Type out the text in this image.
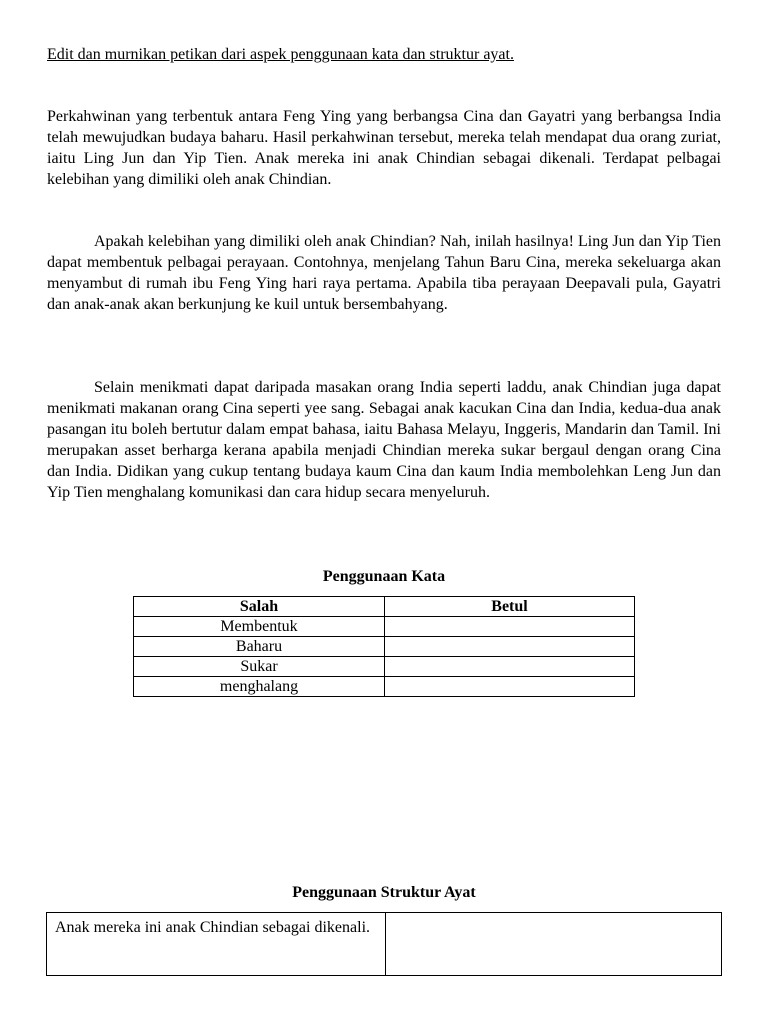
Edit dan murnikan petikan dari aspek penggunaan kata dan struktur ayat.

Perkahwinan yang terbentuk antara Feng Ying yang berbangsa Cina dan Gayatri yang berbangsa India telah mewujudkan budaya baharu. Hasil perkahwinan tersebut, mereka telah mendapat dua orang zuriat, iaitu Ling Jun dan Yip Tien. Anak mereka ini anak Chindian sebagai dikenali. Terdapat pelbagai kelebihan yang dimiliki oleh anak Chindian.

Apakah kelebihan yang dimiliki oleh anak Chindian? Nah, inilah hasilnya! Ling Jun dan Yip Tien dapat membentuk pelbagai perayaan. Contohnya, menjelang Tahun Baru Cina, mereka sekeluarga akan menyambut di rumah ibu Feng Ying hari raya pertama. Apabila tiba perayaan Deepavali pula, Gayatri dan anak-anak akan berkunjung ke kuil untuk bersembahyang.

Selain menikmati dapat daripada masakan orang India seperti laddu, anak Chindian juga dapat menikmati makanan orang Cina seperti yee sang. Sebagai anak kacukan Cina dan India, kedua-dua anak pasangan itu boleh bertutur dalam empat bahasa, iaitu Bahasa Melayu, Inggeris, Mandarin dan Tamil. Ini merupakan asset berharga kerana apabila menjadi Chindian mereka sukar bergaul dengan orang Cina dan India. Didikan yang cukup tentang budaya kaum Cina dan kaum India membolehkan Leng Jun dan Yip Tien menghalang komunikasi dan cara hidup secara menyeluruh.

Penggunaan Kata
Salah	Betul
Membentuk	
Baharu	
Sukar	
menghalang	
Penggunaan Struktur Ayat
Anak mereka ini anak Chindian sebagai dikenali.	
